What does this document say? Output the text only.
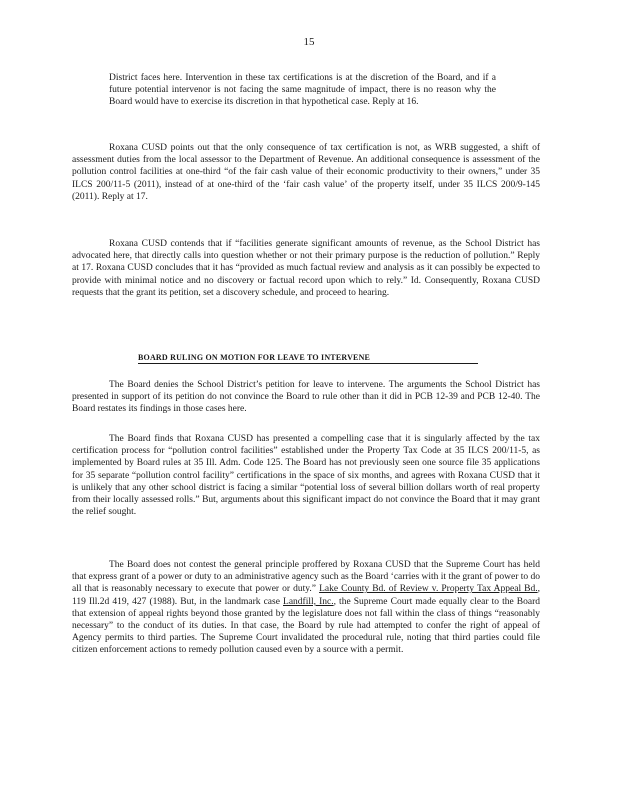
15

District faces here. Intervention in these tax certifications is at the discretion of the Board, and if a future potential intervenor is not facing the same magnitude of impact, there is no reason why the Board would have to exercise its discretion in that hypothetical case. Reply at 16.

Roxana CUSD points out that the only consequence of tax certification is not, as WRB suggested, a shift of assessment duties from the local assessor to the Department of Revenue. An additional consequence is assessment of the pollution control facilities at one-third “of the fair cash value of their economic productivity to their owners,” under 35 ILCS 200/11-5 (2011), instead of at one-third of the ‘fair cash value’ of the property itself, under 35 ILCS 200/9-145 (2011). Reply at 17.

Roxana CUSD contends that if “facilities generate significant amounts of revenue, as the School District has advocated here, that directly calls into question whether or not their primary purpose is the reduction of pollution.” Reply at 17. Roxana CUSD concludes that it has “provided as much factual review and analysis as it can possibly be expected to provide with minimal notice and no discovery or factual record upon which to rely.” Id. Consequently, Roxana CUSD requests that the grant its petition, set a discovery schedule, and proceed to hearing.

BOARD RULING ON MOTION FOR LEAVE TO INTERVENE

The Board denies the School District’s petition for leave to intervene. The arguments the School District has presented in support of its petition do not convince the Board to rule other than it did in PCB 12-39 and PCB 12-40. The Board restates its findings in those cases here.

The Board finds that Roxana CUSD has presented a compelling case that it is singularly affected by the tax certification process for “pollution control facilities” established under the Property Tax Code at 35 ILCS 200/11-5, as implemented by Board rules at 35 Ill. Adm. Code 125. The Board has not previously seen one source file 35 applications for 35 separate “pollution control facility” certifications in the space of six months, and agrees with Roxana CUSD that it is unlikely that any other school district is facing a similar “potential loss of several billion dollars worth of real property from their locally assessed rolls.” But, arguments about this significant impact do not convince the Board that it may grant the relief sought.

The Board does not contest the general principle proffered by Roxana CUSD that the Supreme Court has held that express grant of a power or duty to an administrative agency such as the Board ‘carries with it the grant of power to do all that is reasonably necessary to execute that power or duty.” Lake County Bd. of Review v. Property Tax Appeal Bd., 119 Ill.2d 419, 427 (1988). But, in the landmark case Landfill, Inc., the Supreme Court made equally clear to the Board that extension of appeal rights beyond those granted by the legislature does not fall within the class of things “reasonably necessary” to the conduct of its duties. In that case, the Board by rule had attempted to confer the right of appeal of Agency permits to third parties. The Supreme Court invalidated the procedural rule, noting that third parties could file citizen enforcement actions to remedy pollution caused even by a source with a permit.
